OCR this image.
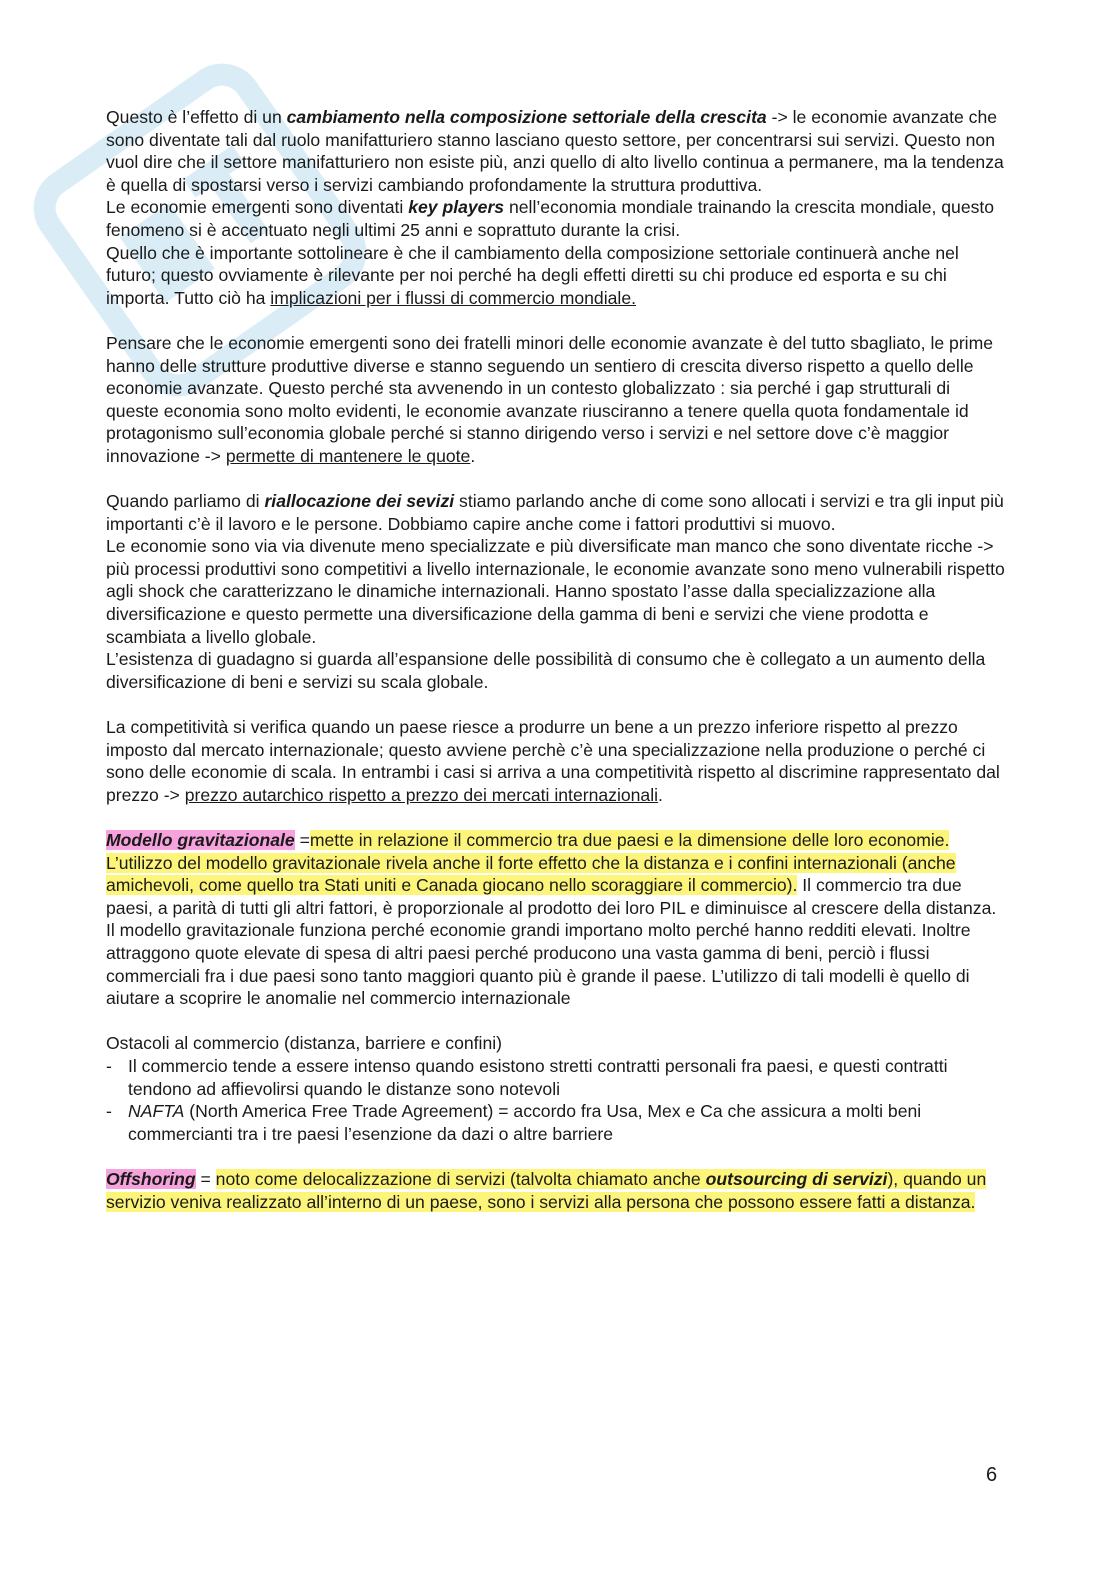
Questo è l’effetto di un cambiamento nella composizione settoriale della crescita -> le economie avanzate che sono diventate tali dal ruolo manifatturiero stanno lasciano questo settore, per concentrarsi sui servizi. Questo non vuol dire che il settore manifatturiero non esiste più, anzi quello di alto livello continua a permanere, ma la tendenza è quella di spostarsi verso i servizi cambiando profondamente la struttura produttiva.

Le economie emergenti sono diventati key players nell’economia mondiale trainando la crescita mondiale, questo fenomeno si è accentuato negli ultimi 25 anni e soprattuto durante la crisi.

Quello che è importante sottolineare è che il cambiamento della composizione settoriale continuerà anche nel futuro; questo ovviamente è rilevante per noi perché ha degli effetti diretti su chi produce ed esporta e su chi importa. Tutto ciò ha implicazioni per i flussi di commercio mondiale.

Pensare che le economie emergenti sono dei fratelli minori delle economie avanzate è del tutto sbagliato, le prime hanno delle strutture produttive diverse e stanno seguendo un sentiero di crescita diverso rispetto a quello delle economie avanzate. Questo perché sta avvenendo in un contesto globalizzato : sia perché i gap strutturali di queste economia sono molto evidenti, le economie avanzate riusciranno a tenere quella quota fondamentale id protagonismo sull’economia globale perché si stanno dirigendo verso i servizi e nel settore dove c’è maggior innovazione -> permette di mantenere le quote.

Quando parliamo di riallocazione dei sevizi stiamo parlando anche di come sono allocati i servizi e tra gli input più importanti c’è il lavoro e le persone. Dobbiamo capire anche come i fattori produttivi si muovo.

Le economie sono via via divenute meno specializzate e più diversificate man manco che sono diventate ricche -> più processi produttivi sono competitivi a livello internazionale, le economie avanzate sono meno vulnerabili rispetto agli shock che caratterizzano le dinamiche internazionali. Hanno spostato l’asse dalla specializzazione alla diversificazione e questo permette una diversificazione della gamma di beni e servizi che viene prodotta e scambiata a livello globale.

L’esistenza di guadagno si guarda all’espansione delle possibilità di consumo che è collegato a un aumento della diversificazione di beni e servizi su scala globale.

La competitività si verifica quando un paese riesce a produrre un bene a un prezzo inferiore rispetto al prezzo imposto dal mercato internazionale; questo avviene perchè c’è una specializzazione nella produzione o perché ci sono delle economie di scala. In entrambi i casi si arriva a una competitività rispetto al discrimine rappresentato dal prezzo -> prezzo autarchico rispetto a prezzo dei mercati internazionali.

Modello gravitazionale =mette in relazione il commercio tra due paesi e la dimensione delle loro economie. L’utilizzo del modello gravitazionale rivela anche il forte effetto che la distanza e i confini internazionali (anche amichevoli, come quello tra Stati uniti e Canada giocano nello scoraggiare il commercio). Il commercio tra due paesi, a parità di tutti gli altri fattori, è proporzionale al prodotto dei loro PIL e diminuisce al crescere della distanza. Il modello gravitazionale funziona perché economie grandi importano molto perché hanno redditi elevati. Inoltre attraggono quote elevate di spesa di altri paesi perché producono una vasta gamma di beni, perciò i flussi commerciali fra i due paesi sono tanto maggiori quanto più è grande il paese. L’utilizzo di tali modelli è quello di aiutare a scoprire le anomalie nel commercio internazionale

Ostacoli al commercio (distanza, barriere e confini)

- Il commercio tende a essere intenso quando esistono stretti contratti personali fra paesi, e questi contratti tendono ad affievolirsi quando le distanze sono notevoli
- NAFTA (North America Free Trade Agreement) = accordo fra Usa, Mex e Ca che assicura a molti beni commercianti tra i tre paesi l’esenzione da dazi o altre barriere

Offshoring = noto come delocalizzazione di servizi (talvolta chiamato anche outsourcing di servizi), quando un servizio veniva realizzato all’interno di un paese, sono i servizi alla persona che possono essere fatti a distanza.

6
